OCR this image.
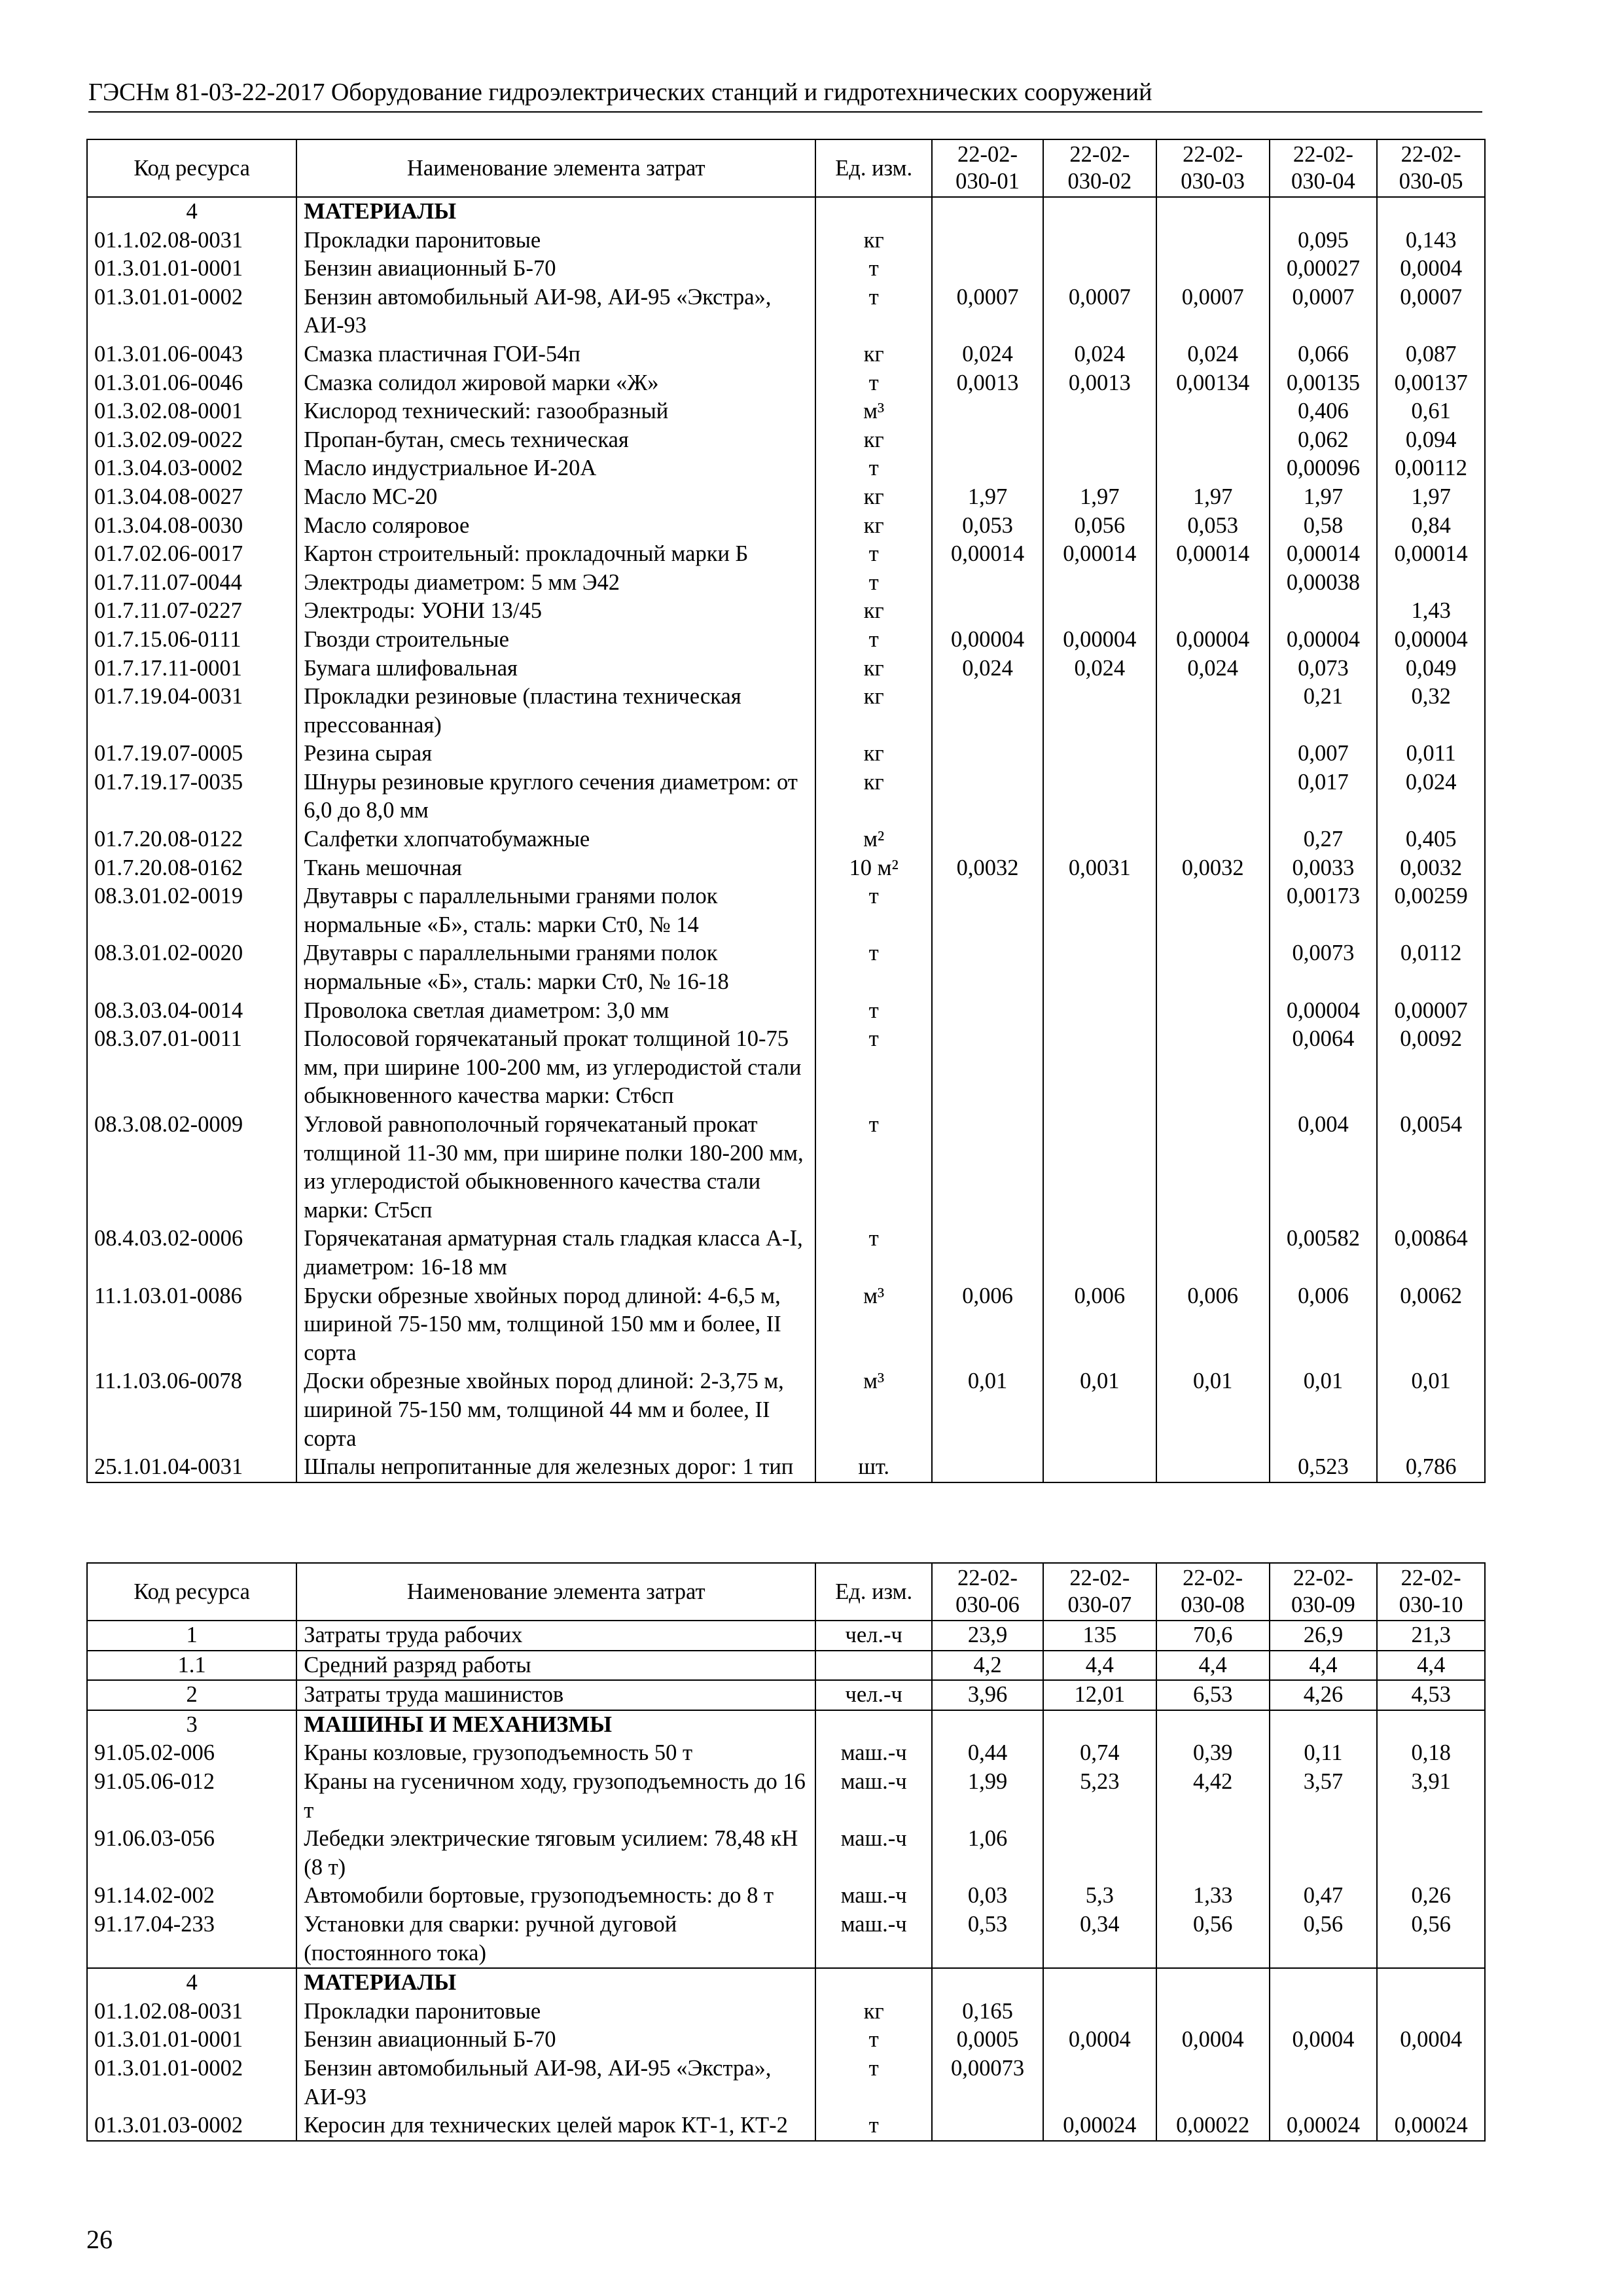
ГЭСНм 81-03-22-2017 Оборудование гидроэлектрических станций и гидротехнических сооружений
Код ресурса	Наименование элемента затрат	Ед. изм.	22-02-030-01	22-02-030-02	22-02-030-03	22-02-030-04	22-02-030-05
4	МАТЕРИАЛЫ						
01.1.02.08-0031	Прокладки паронитовые	кг				0,095	0,143
01.3.01.01-0001	Бензин авиационный Б-70	т				0,00027	0,0004
01.3.01.01-0002	Бензин автомобильный АИ-98, АИ-95 «Экстра», АИ-93	т	0,0007	0,0007	0,0007	0,0007	0,0007
01.3.01.06-0043	Смазка пластичная ГОИ-54п	кг	0,024	0,024	0,024	0,066	0,087
01.3.01.06-0046	Смазка солидол жировой марки «Ж»	т	0,0013	0,0013	0,00134	0,00135	0,00137
01.3.02.08-0001	Кислород технический: газообразный	м³				0,406	0,61
01.3.02.09-0022	Пропан-бутан, смесь техническая	кг				0,062	0,094
01.3.04.03-0002	Масло индустриальное И-20А	т				0,00096	0,00112
01.3.04.08-0027	Масло МС-20	кг	1,97	1,97	1,97	1,97	1,97
01.3.04.08-0030	Масло соляровое	кг	0,053	0,056	0,053	0,58	0,84
01.7.02.06-0017	Картон строительный: прокладочный марки Б	т	0,00014	0,00014	0,00014	0,00014	0,00014
01.7.11.07-0044	Электроды диаметром: 5 мм Э42	т				0,00038	
01.7.11.07-0227	Электроды: УОНИ 13/45	кг					1,43
01.7.15.06-0111	Гвозди строительные	т	0,00004	0,00004	0,00004	0,00004	0,00004
01.7.17.11-0001	Бумага шлифовальная	кг	0,024	0,024	0,024	0,073	0,049
01.7.19.04-0031	Прокладки резиновые (пластина техническая прессованная)	кг				0,21	0,32
01.7.19.07-0005	Резина сырая	кг				0,007	0,011
01.7.19.17-0035	Шнуры резиновые круглого сечения диаметром: от 6,0 до 8,0 мм	кг				0,017	0,024
01.7.20.08-0122	Салфетки хлопчатобумажные	м²				0,27	0,405
01.7.20.08-0162	Ткань мешочная	10 м²	0,0032	0,0031	0,0032	0,0033	0,0032
08.3.01.02-0019	Двутавры с параллельными гранями полок нормальные «Б», сталь: марки Ст0, № 14	т				0,00173	0,00259
08.3.01.02-0020	Двутавры с параллельными гранями полок нормальные «Б», сталь: марки Ст0, № 16-18	т				0,0073	0,0112
08.3.03.04-0014	Проволока светлая диаметром: 3,0 мм	т				0,00004	0,00007
08.3.07.01-0011	Полосовой горячекатаный прокат толщиной 10-75 мм, при ширине 100-200 мм, из углеродистой стали обыкновенного качества марки: Ст6сп	т				0,0064	0,0092
08.3.08.02-0009	Угловой равнополочный горячекатаный прокат толщиной 11-30 мм, при ширине полки 180-200 мм, из углеродистой обыкновенного качества стали марки: Ст5сп	т				0,004	0,0054
08.4.03.02-0006	Горячекатаная арматурная сталь гладкая класса А-I, диаметром: 16-18 мм	т				0,00582	0,00864
11.1.03.01-0086	Бруски обрезные хвойных пород длиной: 4-6,5 м, шириной 75-150 мм, толщиной 150 мм и более, II сорта	м³	0,006	0,006	0,006	0,006	0,0062
11.1.03.06-0078	Доски обрезные хвойных пород длиной: 2-3,75 м, шириной 75-150 мм, толщиной 44 мм и более, II сорта	м³	0,01	0,01	0,01	0,01	0,01
25.1.01.04-0031	Шпалы непропитанные для железных дорог: 1 тип	шт.				0,523	0,786
Код ресурса	Наименование элемента затрат	Ед. изм.	22-02-030-06	22-02-030-07	22-02-030-08	22-02-030-09	22-02-030-10
1	Затраты труда рабочих	чел.-ч	23,9	135	70,6	26,9	21,3
1.1	Средний разряд работы		4,2	4,4	4,4	4,4	4,4
2	Затраты труда машинистов	чел.-ч	3,96	12,01	6,53	4,26	4,53
3	МАШИНЫ И МЕХАНИЗМЫ						
91.05.02-006	Краны козловые, грузоподъемность 50 т	маш.-ч	0,44	0,74	0,39	0,11	0,18
91.05.06-012	Краны на гусеничном ходу, грузоподъемность до 16 т	маш.-ч	1,99	5,23	4,42	3,57	3,91
91.06.03-056	Лебедки электрические тяговым усилием: 78,48 кН (8 т)	маш.-ч	1,06				
91.14.02-002	Автомобили бортовые, грузоподъемность: до 8 т	маш.-ч	0,03	5,3	1,33	0,47	0,26
91.17.04-233	Установки для сварки: ручной дуговой (постоянного тока)	маш.-ч	0,53	0,34	0,56	0,56	0,56
4	МАТЕРИАЛЫ						
01.1.02.08-0031	Прокладки паронитовые	кг	0,165				
01.3.01.01-0001	Бензин авиационный Б-70	т	0,0005	0,0004	0,0004	0,0004	0,0004
01.3.01.01-0002	Бензин автомобильный АИ-98, АИ-95 «Экстра», АИ-93	т	0,00073				
01.3.01.03-0002	Керосин для технических целей марок КТ-1, КТ-2	т		0,00024	0,00022	0,00024	0,00024
26
